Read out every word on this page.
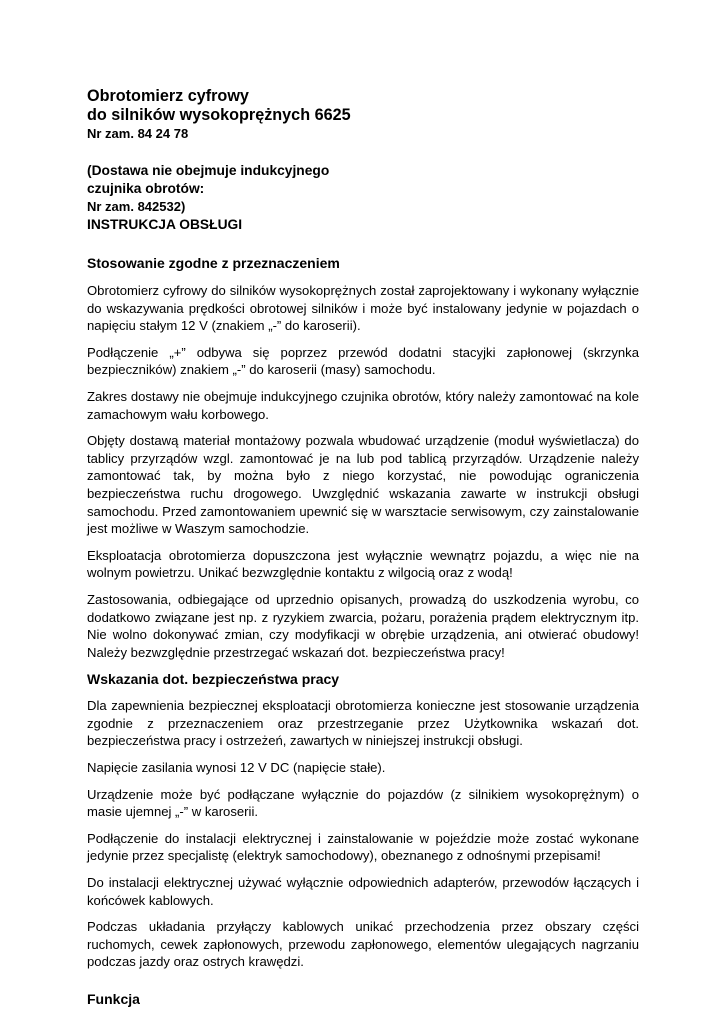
Obrotomierz cyfrowy
do silników wysokoprężnych 6625
Nr zam. 84 24 78
(Dostawa nie obejmuje indukcyjnego
czujnika obrotów:
Nr zam. 842532)
INSTRUKCJA OBSŁUGI
Stosowanie zgodne z przeznaczeniem

Obrotomierz cyfrowy do silników wysokoprężnych został zaprojektowany i wykonany wyłącznie do wskazywania prędkości obrotowej silników i może być instalowany jedynie w pojazdach o napięciu stałym 12 V (znakiem „-” do karoserii).

Podłączenie „+” odbywa się poprzez przewód dodatni stacyjki zapłonowej (skrzynka bezpieczników) znakiem „-” do karoserii (masy) samochodu.

Zakres dostawy nie obejmuje indukcyjnego czujnika obrotów, który należy zamontować na kole zamachowym wału korbowego.

Objęty dostawą materiał montażowy pozwala wbudować urządzenie (moduł wyświetlacza) do tablicy przyrządów wzgl. zamontować je na lub pod tablicą przyrządów. Urządzenie należy zamontować tak, by można było z niego korzystać, nie powodując ograniczenia bezpieczeństwa ruchu drogowego. Uwzględnić wskazania zawarte w instrukcji obsługi samochodu. Przed zamontowaniem upewnić się w warsztacie serwisowym, czy zainstalowanie jest możliwe w Waszym samochodzie.

Eksploatacja obrotomierza dopuszczona jest wyłącznie wewnątrz pojazdu, a więc nie na wolnym powietrzu. Unikać bezwzględnie kontaktu z wilgocią oraz z wodą!

Zastosowania, odbiegające od uprzednio opisanych, prowadzą do uszkodzenia wyrobu, co dodatkowo związane jest np. z ryzykiem zwarcia, pożaru, porażenia prądem elektrycznym itp. Nie wolno dokonywać zmian, czy modyfikacji w obrębie urządzenia, ani otwierać obudowy! Należy bezwzględnie przestrzegać wskazań dot. bezpieczeństwa pracy!

Wskazania dot. bezpieczeństwa pracy

Dla zapewnienia bezpiecznej eksploatacji obrotomierza konieczne jest stosowanie urządzenia zgodnie z przeznaczeniem oraz przestrzeganie przez Użytkownika wskazań dot. bezpieczeństwa pracy i ostrzeżeń, zawartych w niniejszej instrukcji obsługi.

Napięcie zasilania wynosi 12 V DC (napięcie stałe).

Urządzenie może być podłączane wyłącznie do pojazdów (z silnikiem wysokoprężnym) o masie ujemnej „-” w karoserii.

Podłączenie do instalacji elektrycznej i zainstalowanie w pojeździe może zostać wykonane jedynie przez specjalistę (elektryk samochodowy), obeznanego z odnośnymi przepisami!

Do instalacji elektrycznej używać wyłącznie odpowiednich adapterów, przewodów łączących i końcówek kablowych.

Podczas układania przyłączy kablowych unikać przechodzenia przez obszary części ruchomych, cewek zapłonowych, przewodu zapłonowego, elementów ulegających nagrzaniu podczas jazdy oraz ostrych krawędzi.

Funkcja
